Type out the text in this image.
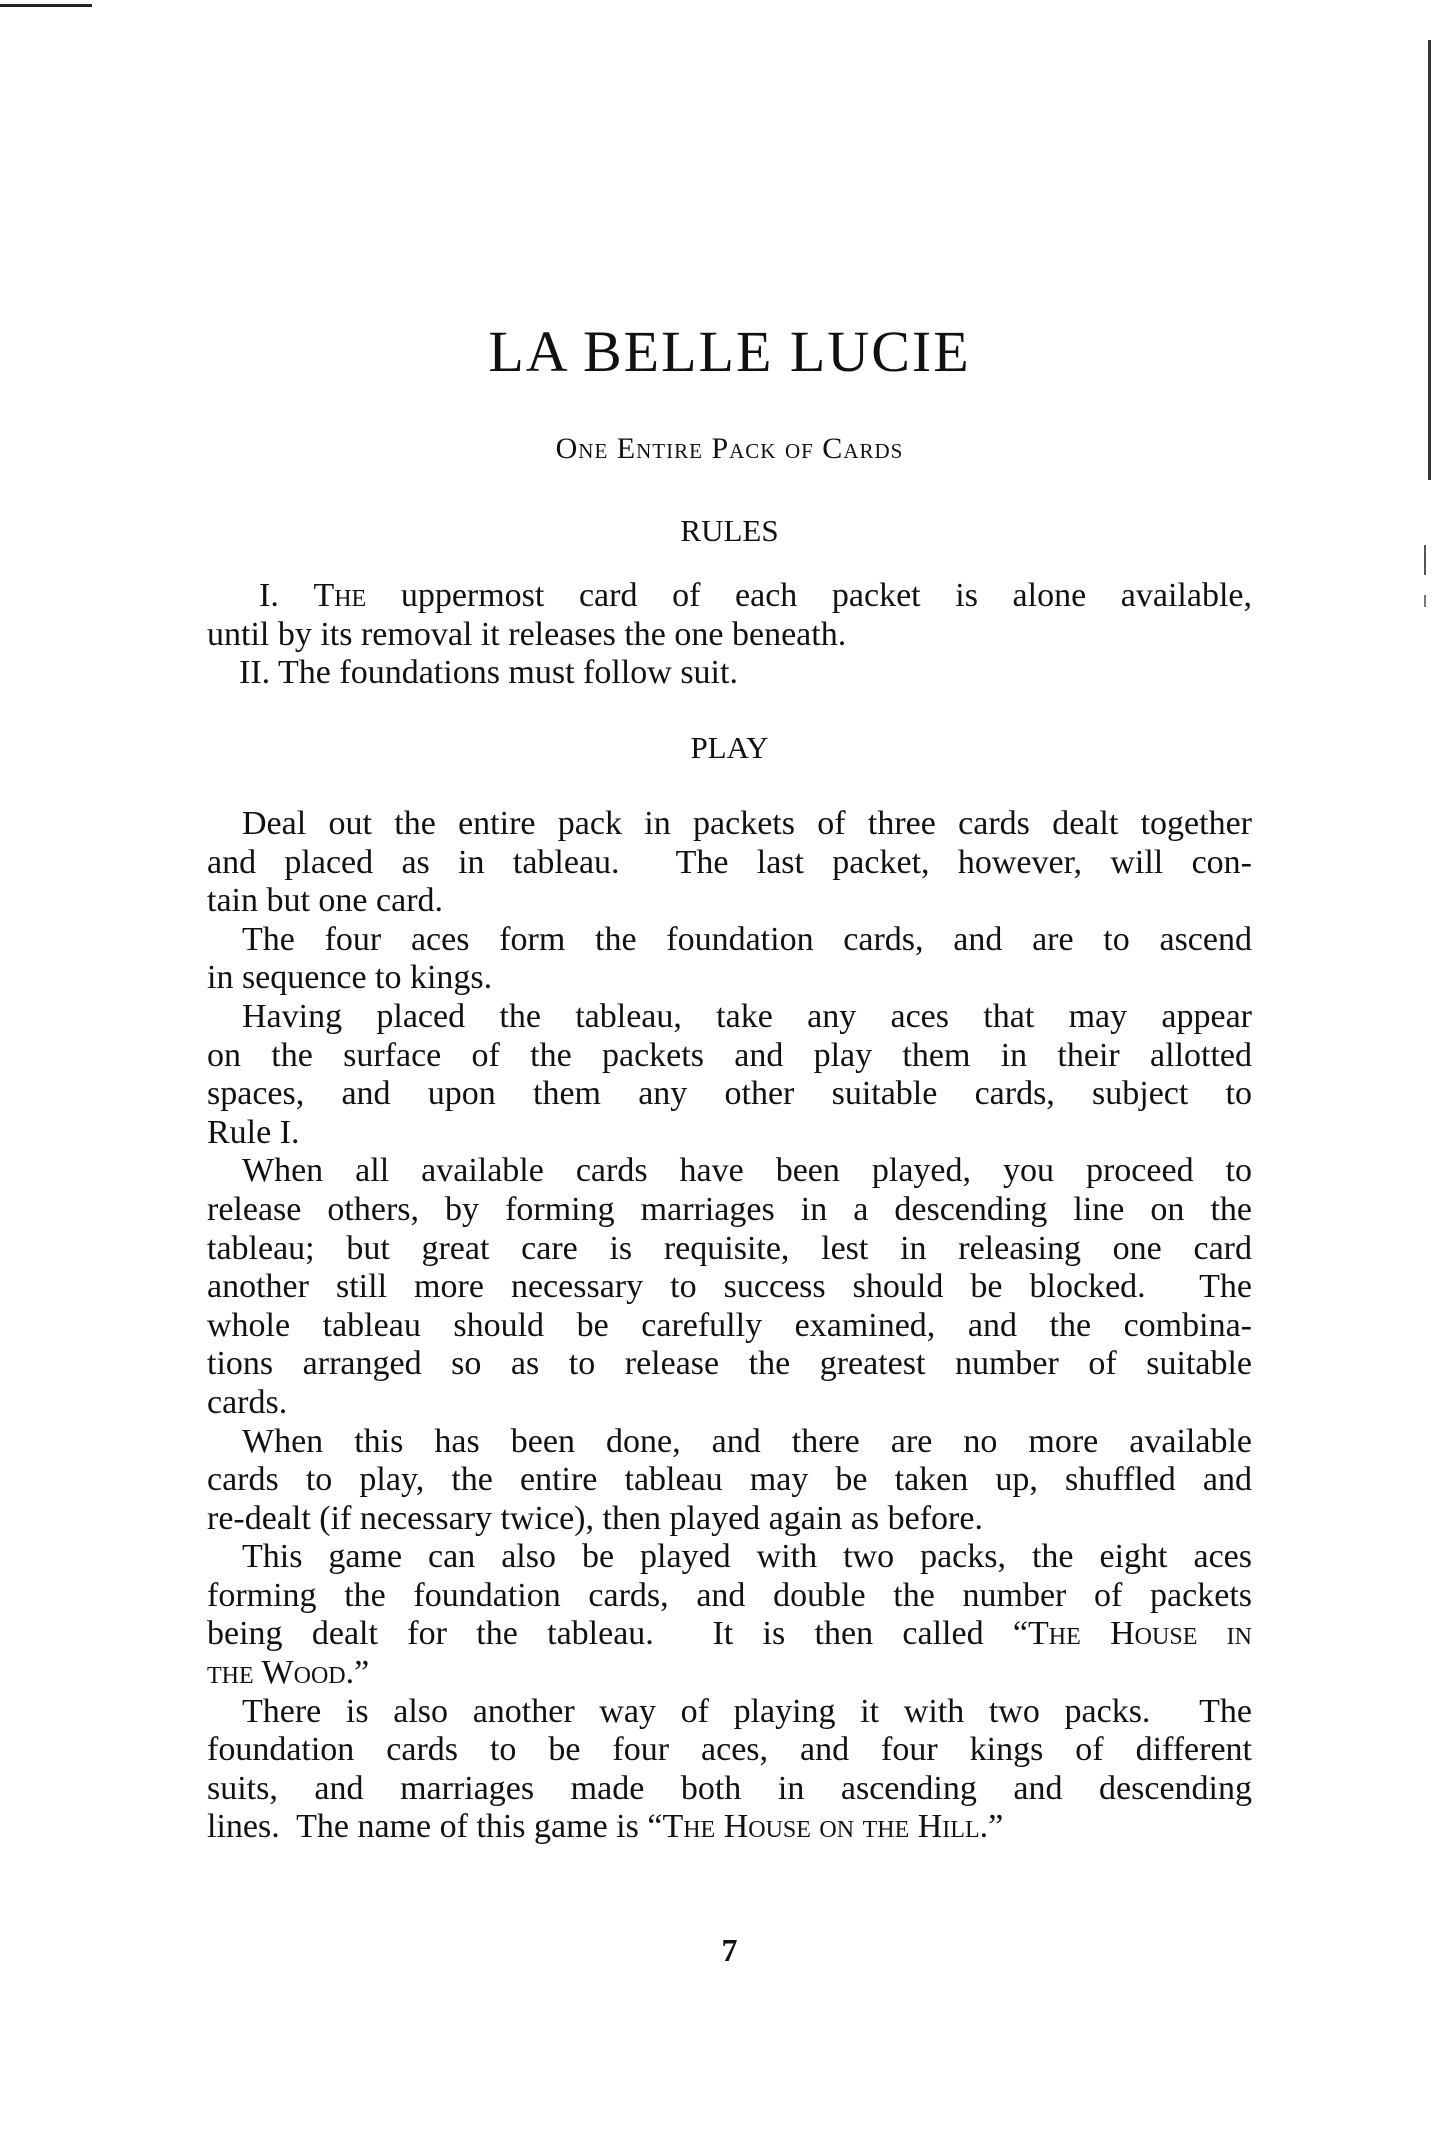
LA BELLE LUCIE
One Entire Pack of Cards
RULES
I. The uppermost card of each packet is alone available,
until by its removal it releases the one beneath.
II. The foundations must follow suit.
PLAY
Deal out the entire pack in packets of three cards dealt together
and placed as in tableau.  The last packet, however, will con-
tain but one card.
The four aces form the foundation cards, and are to ascend
in sequence to kings.
Having placed the tableau, take any aces that may appear
on the surface of the packets and play them in their allotted
spaces, and upon them any other suitable cards, subject to
Rule I.
When all available cards have been played, you proceed to
release others, by forming marriages in a descending line on the
tableau; but great care is requisite, lest in releasing one card
another still more necessary to success should be blocked.  The
whole tableau should be carefully examined, and the combina-
tions arranged so as to release the greatest number of suitable
cards.
When this has been done, and there are no more available
cards to play, the entire tableau may be taken up, shuffled and
re-dealt (if necessary twice), then played again as before.
This game can also be played with two packs, the eight aces
forming the foundation cards, and double the number of packets
being dealt for the tableau.  It is then called “The House in
the Wood.”
There is also another way of playing it with two packs.  The
foundation cards to be four aces, and four kings of different
suits, and marriages made both in ascending and descending
lines.  The name of this game is “The House on the Hill.”
7
